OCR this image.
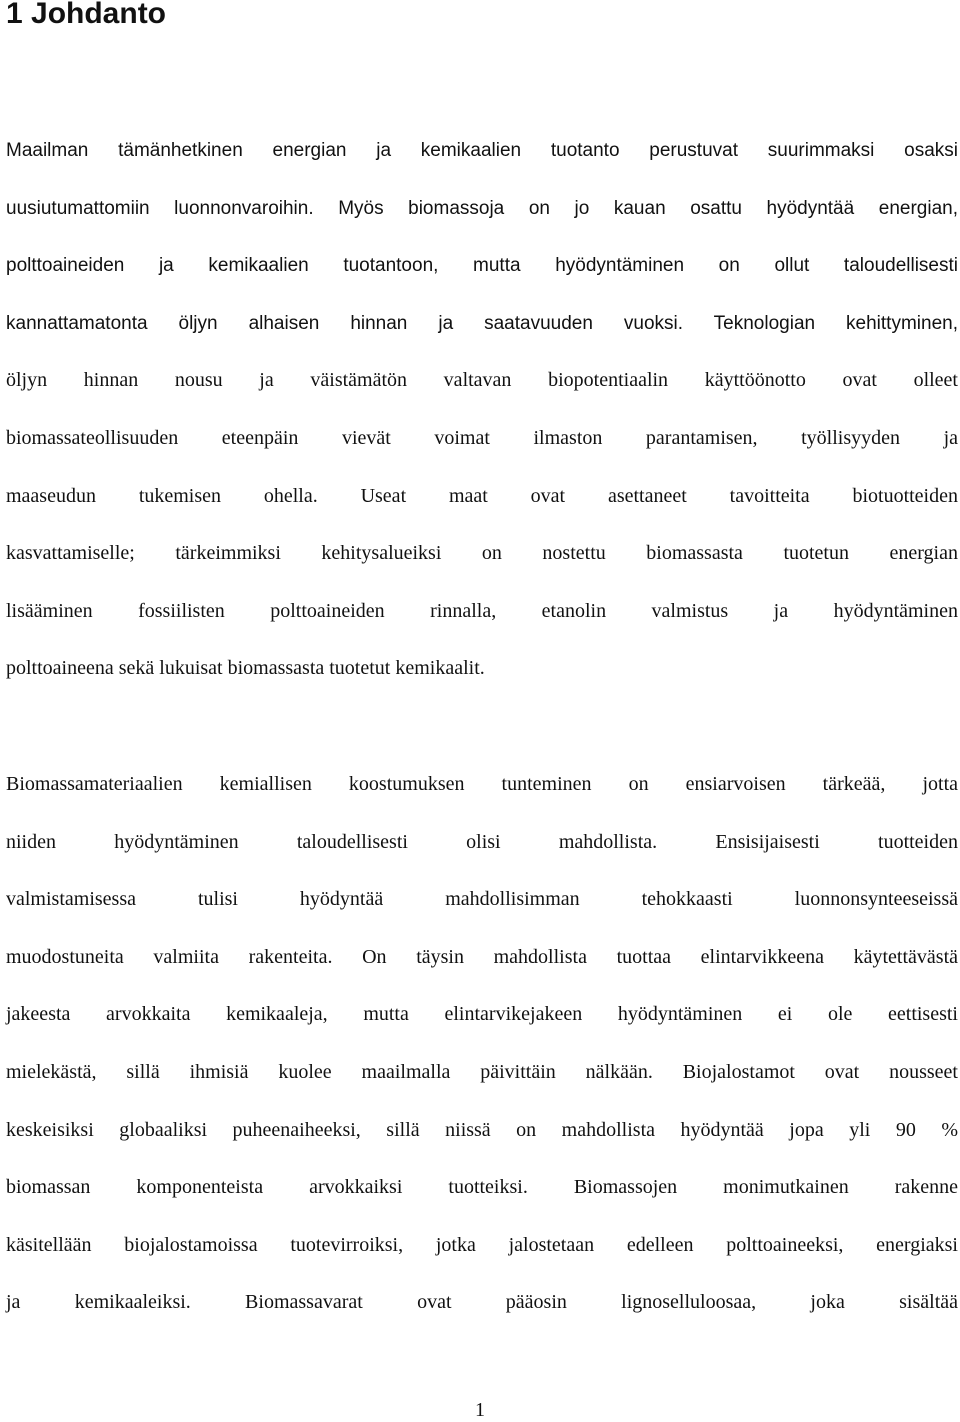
1 Johdanto
Maailman tämänhetkinen energian ja kemikaalien tuotanto perustuvat suurimmaksi osaksi
uusiutumattomiin luonnonvaroihin. Myös biomassoja on jo kauan osattu hyödyntää energian,
polttoaineiden ja kemikaalien tuotantoon, mutta hyödyntäminen on ollut taloudellisesti
kannattamatonta öljyn alhaisen hinnan ja saatavuuden vuoksi. Teknologian kehittyminen,
öljyn hinnan nousu ja väistämätön valtavan biopotentiaalin käyttöönotto ovat olleet
biomassateollisuuden eteenpäin vievät voimat ilmaston parantamisen, työllisyyden ja
maaseudun tukemisen ohella. Useat maat ovat asettaneet tavoitteita biotuotteiden
kasvattamiselle; tärkeimmiksi kehitysalueiksi on nostettu biomassasta tuotetun energian
lisääminen fossiilisten polttoaineiden rinnalla, etanolin valmistus ja hyödyntäminen
polttoaineena sekä lukuisat biomassasta tuotetut kemikaalit.
Biomassamateriaalien kemiallisen koostumuksen tunteminen on ensiarvoisen tärkeää, jotta
niiden hyödyntäminen taloudellisesti olisi mahdollista. Ensisijaisesti tuotteiden
valmistamisessa tulisi hyödyntää mahdollisimman tehokkaasti luonnonsynteeseissä
muodostuneita valmiita rakenteita. On täysin mahdollista tuottaa elintarvikkeena käytettävästä
jakeesta arvokkaita kemikaaleja, mutta elintarvikejakeen hyödyntäminen ei ole eettisesti
mielekästä, sillä ihmisiä kuolee maailmalla päivittäin nälkään. Biojalostamot ovat nousseet
keskeisiksi globaaliksi puheenaiheeksi, sillä niissä on mahdollista hyödyntää jopa yli 90 %
biomassan komponenteista arvokkaiksi tuotteiksi. Biomassojen monimutkainen rakenne
käsitellään biojalostamoissa tuotevirroiksi, jotka jalostetaan edelleen polttoaineeksi, energiaksi
ja kemikaaleiksi. Biomassavarat ovat pääosin lignoselluloosaa, joka sisältää

1
